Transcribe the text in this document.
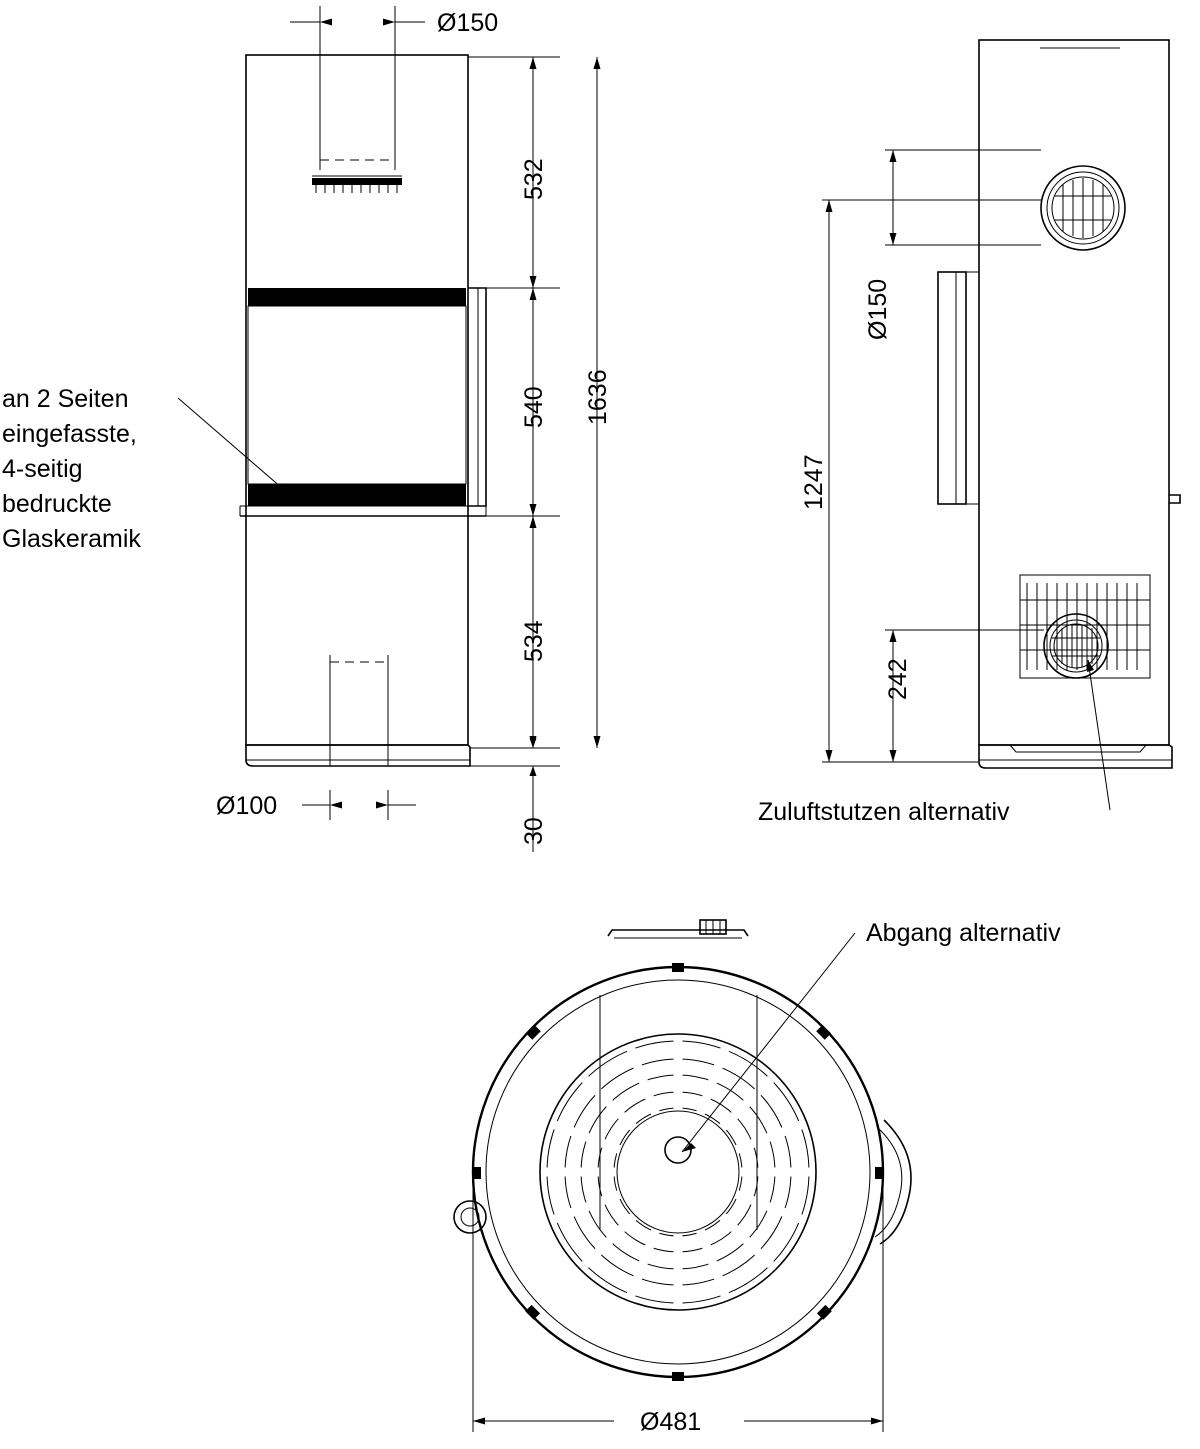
Ø150
Ø100
532
540
534
30
1636
an 2 Seiten
eingefasste,
4-seitig
bedruckte
Glaskeramik
Ø150
1247
242
Zuluftstutzen alternativ
Abgang alternativ
Ø481
